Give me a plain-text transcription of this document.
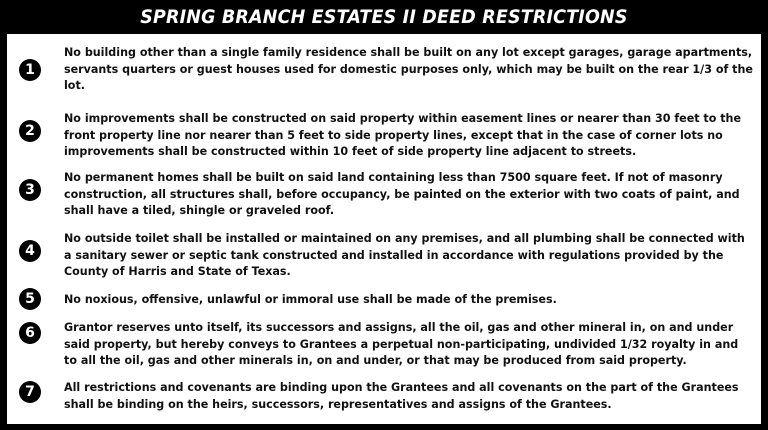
SPRING BRANCH ESTATES II DEED RESTRICTIONS
1
No building other than a single family residence shall be built on any lot except garages, garage apartments, servants quarters or guest houses used for domestic purposes only, which may be built on the rear 1/3 of the lot.
2
No improvements shall be constructed on said property within easement lines or nearer than 30 feet to the front property line nor nearer than 5 feet to side property lines, except that in the case of corner lots no improvements shall be constructed within 10 feet of side property line adjacent to streets.
3
No permanent homes shall be built on said land containing less than 7500 square feet. If not of masonry construction, all structures shall, before occupancy, be painted on the exterior with two coats of paint, and shall have a tiled, shingle or graveled roof.
4
No outside toilet shall be installed or maintained on any premises, and all plumbing shall be connected with a sanitary sewer or septic tank constructed and installed in accordance with regulations provided by the County of Harris and State of Texas.
5	No noxious, offensive, unlawful or immoral use shall be made of the premises.
6	Grantor reserves unto itself, its successors and assigns, all the oil, gas and other mineral in, on and under said property, but hereby conveys to Grantees a perpetual non-participating, undivided 1/32 royalty in and to all the oil, gas and other minerals in, on and under, or that may be produced from said property.
7	All restrictions and covenants are binding upon the Grantees and all covenants on the part of the Grantees shall be binding on the heirs, successors, representatives and assigns of the Grantees.
